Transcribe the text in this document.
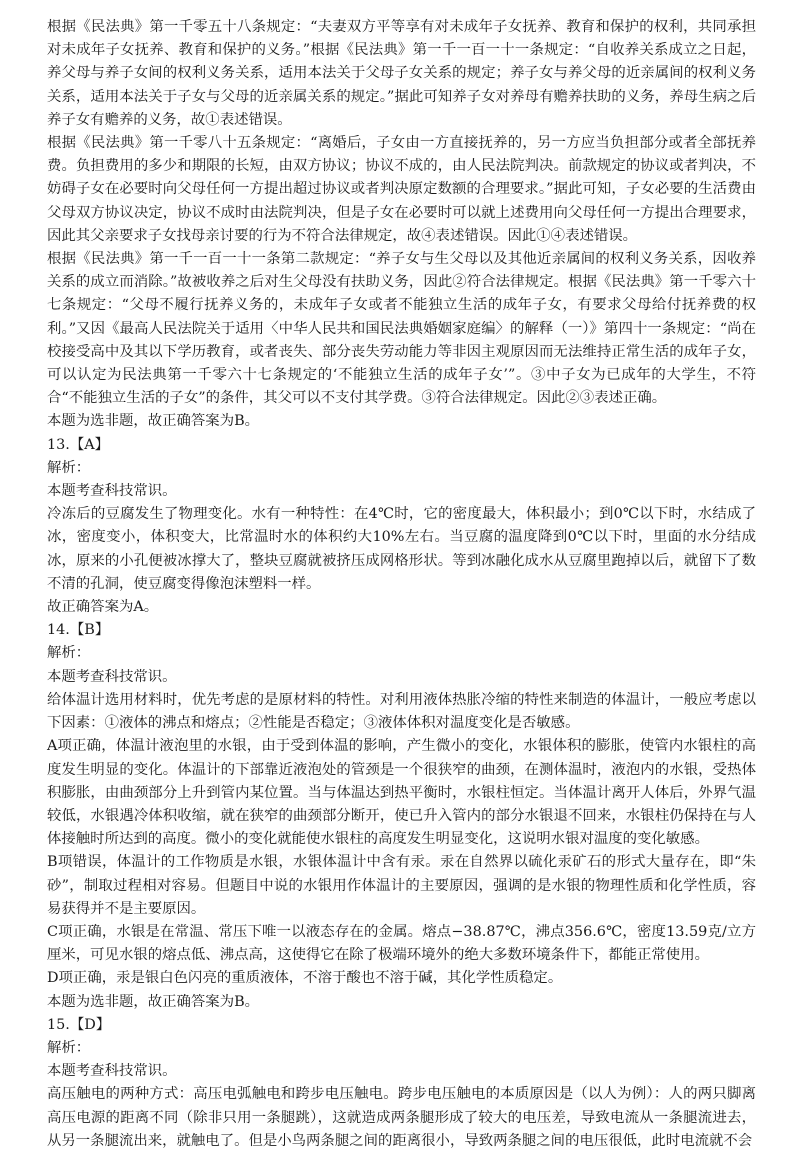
根据《民法典》第一千零五十八条规定：“夫妻双方平等享有对未成年子女抚养、教育和保护的权利，共同承担对未成年子女抚养、教育和保护的义务。”根据《民法典》第一千一百一十一条规定：“自收养关系成立之日起，养父母与养子女间的权利义务关系，适用本法关于父母子女关系的规定；养子女与养父母的近亲属间的权利义务关系，适用本法关于子女与父母的近亲属关系的规定。”据此可知养子女对养母有赡养扶助的义务，养母生病之后养子女有赡养的义务，故①表述错误。

根据《民法典》第一千零八十五条规定：“离婚后，子女由一方直接抚养的，另一方应当负担部分或者全部抚养费。负担费用的多少和期限的长短，由双方协议；协议不成的，由人民法院判决。前款规定的协议或者判决，不妨碍子女在必要时向父母任何一方提出超过协议或者判决原定数额的合理要求。”据此可知，子女必要的生活费由父母双方协议决定，协议不成时由法院判决，但是子女在必要时可以就上述费用向父母任何一方提出合理要求，因此其父亲要求子女找母亲讨要的行为不符合法律规定，故④表述错误。因此①④表述错误。

根据《民法典》第一千一百一十一条第二款规定：“养子女与生父母以及其他近亲属间的权利义务关系，因收养关系的成立而消除。”故被收养之后对生父母没有扶助义务，因此②符合法律规定。根据《民法典》第一千零六十七条规定：“父母不履行抚养义务的，未成年子女或者不能独立生活的成年子女，有要求父母给付抚养费的权利。”又因《最高人民法院关于适用〈中华人民共和国民法典婚姻家庭编〉的解释（一）》第四十一条规定：“尚在校接受高中及其以下学历教育，或者丧失、部分丧失劳动能力等非因主观原因而无法维持正常生活的成年子女，可以认定为民法典第一千零六十七条规定的‘不能独立生活的成年子女’”。③中子女为已成年的大学生，不符合“不能独立生活的子女”的条件，其父可以不支付其学费。③符合法律规定。因此②③表述正确。

本题为选非题，故正确答案为B。

13.【A】

解析：

本题考查科技常识。

冷冻后的豆腐发生了物理变化。水有一种特性：在4℃时，它的密度最大，体积最小；到0℃以下时，水结成了冰，密度变小，体积变大，比常温时水的体积约大10%左右。当豆腐的温度降到0℃以下时，里面的水分结成冰，原来的小孔便被冰撑大了，整块豆腐就被挤压成网格形状。等到冰融化成水从豆腐里跑掉以后，就留下了数不清的孔洞，使豆腐变得像泡沫塑料一样。

故正确答案为A。

14.【B】

解析：

本题考查科技常识。

给体温计选用材料时，优先考虑的是原材料的特性。对利用液体热胀冷缩的特性来制造的体温计，一般应考虑以下因素：①液体的沸点和熔点；②性能是否稳定；③液体体积对温度变化是否敏感。

A项正确，体温计液泡里的水银，由于受到体温的影响，产生微小的变化，水银体积的膨胀，使管内水银柱的高度发生明显的变化。体温计的下部靠近液泡处的管颈是一个很狭窄的曲颈，在测体温时，液泡内的水银，受热体积膨胀，由曲颈部分上升到管内某位置。当与体温达到热平衡时，水银柱恒定。当体温计离开人体后，外界气温较低，水银遇冷体积收缩，就在狭窄的曲颈部分断开，使已升入管内的部分水银退不回来，水银柱仍保持在与人体接触时所达到的高度。微小的变化就能使水银柱的高度发生明显变化，这说明水银对温度的变化敏感。

B项错误，体温计的工作物质是水银，水银体温计中含有汞。汞在自然界以硫化汞矿石的形式大量存在，即“朱砂”，制取过程相对容易。但题目中说的水银用作体温计的主要原因，强调的是水银的物理性质和化学性质，容易获得并不是主要原因。

C项正确，水银是在常温、常压下唯一以液态存在的金属。熔点−38.87℃，沸点356.6℃，密度13.59克/立方厘米，可见水银的熔点低、沸点高，这使得它在除了极端环境外的绝大多数环境条件下，都能正常使用。

D项正确，汞是银白色闪亮的重质液体，不溶于酸也不溶于碱，其化学性质稳定。

本题为选非题，故正确答案为B。

15.【D】

解析：

本题考查科技常识。

高压触电的两种方式：高压电弧触电和跨步电压触电。跨步电压触电的本质原因是（以人为例）：人的两只脚离高压电源的距离不同（除非只用一条腿跳），这就造成两条腿形成了较大的电压差，导致电流从一条腿流进去，从另一条腿流出来，就触电了。但是小鸟两条腿之间的距离很小，导致两条腿之间的电压很低，此时电流就不会
